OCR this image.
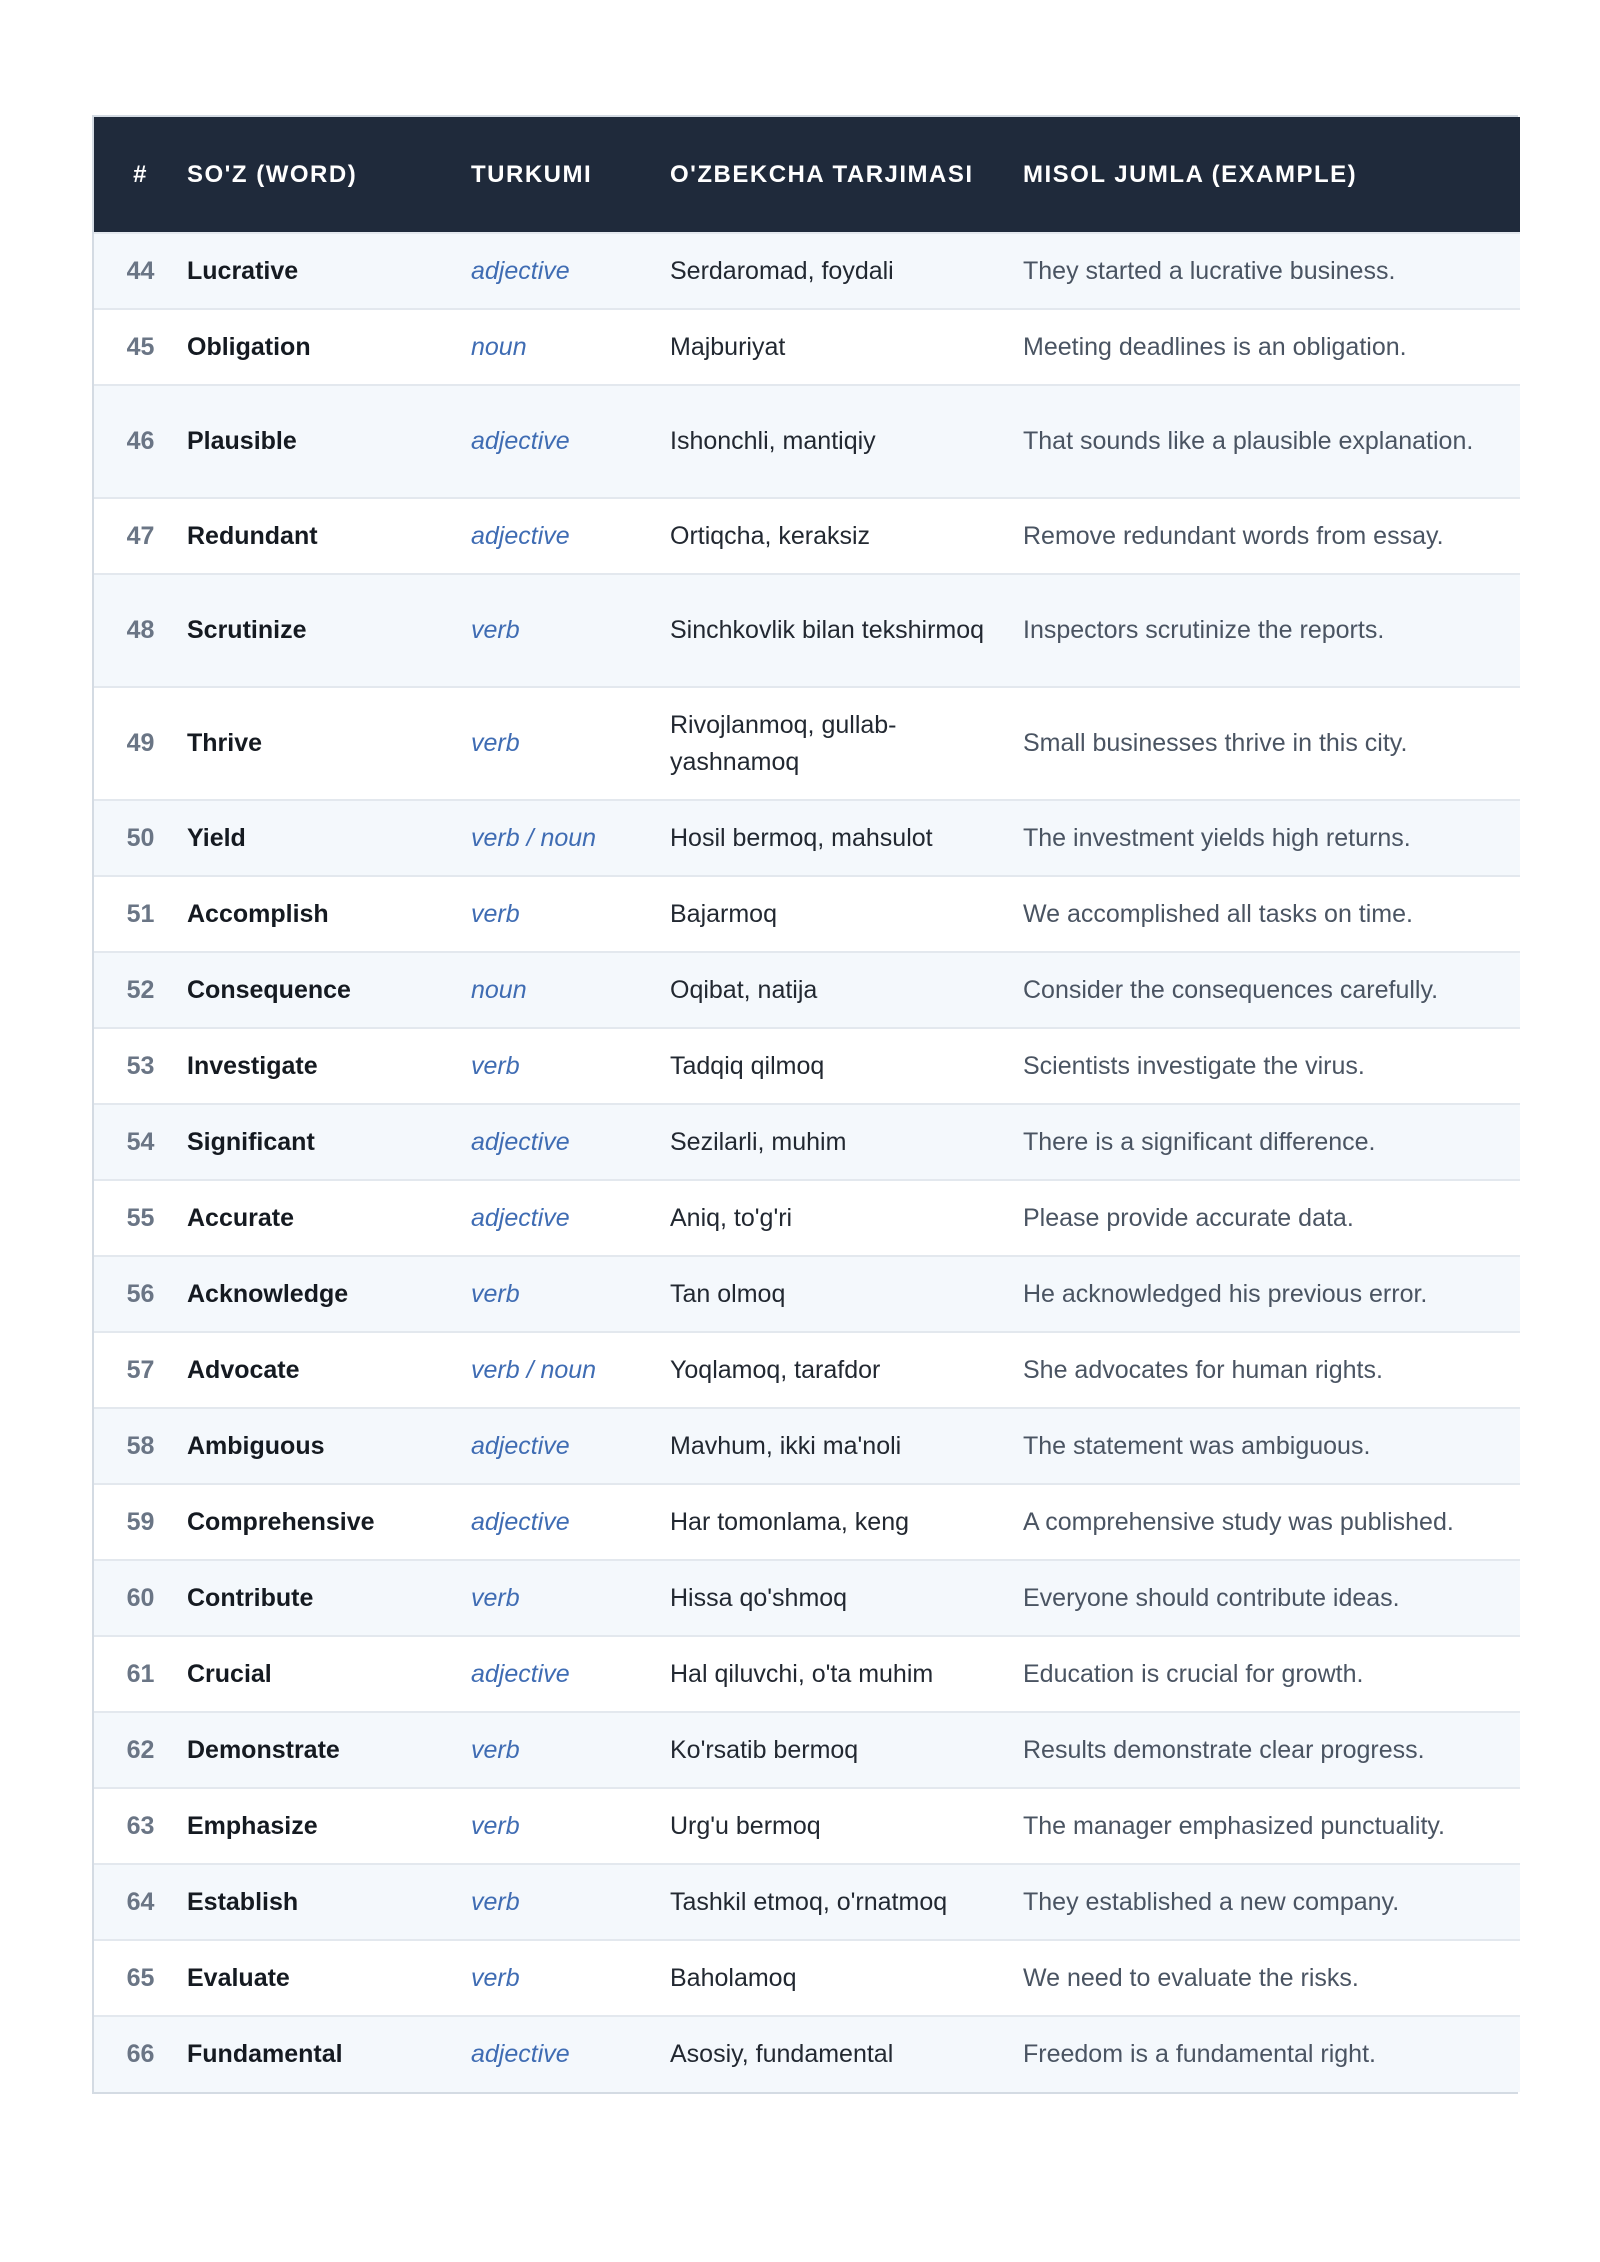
#	SO'Z (WORD)	TURKUMI	O'ZBEKCHA TARJIMASI	MISOL JUMLA (EXAMPLE)
44	Lucrative	adjective	Serdaromad, foydali	They started a lucrative business.
45	Obligation	noun	Majburiyat	Meeting deadlines is an obligation.
46	Plausible	adjective	Ishonchli, mantiqiy	That sounds like a plausible explanation.
47	Redundant	adjective	Ortiqcha, keraksiz	Remove redundant words from essay.
48	Scrutinize	verb	Sinchkovlik bilan tekshirmoq	Inspectors scrutinize the reports.
49	Thrive	verb	Rivojlanmoq, gullab-yashnamoq	Small businesses thrive in this city.
50	Yield	verb / noun	Hosil bermoq, mahsulot	The investment yields high returns.
51	Accomplish	verb	Bajarmoq	We accomplished all tasks on time.
52	Consequence	noun	Oqibat, natija	Consider the consequences carefully.
53	Investigate	verb	Tadqiq qilmoq	Scientists investigate the virus.
54	Significant	adjective	Sezilarli, muhim	There is a significant difference.
55	Accurate	adjective	Aniq, to'g'ri	Please provide accurate data.
56	Acknowledge	verb	Tan olmoq	He acknowledged his previous error.
57	Advocate	verb / noun	Yoqlamoq, tarafdor	She advocates for human rights.
58	Ambiguous	adjective	Mavhum, ikki ma'noli	The statement was ambiguous.
59	Comprehensive	adjective	Har tomonlama, keng	A comprehensive study was published.
60	Contribute	verb	Hissa qo'shmoq	Everyone should contribute ideas.
61	Crucial	adjective	Hal qiluvchi, o'ta muhim	Education is crucial for growth.
62	Demonstrate	verb	Ko'rsatib bermoq	Results demonstrate clear progress.
63	Emphasize	verb	Urg'u bermoq	The manager emphasized punctuality.
64	Establish	verb	Tashkil etmoq, o'rnatmoq	They established a new company.
65	Evaluate	verb	Baholamoq	We need to evaluate the risks.
66	Fundamental	adjective	Asosiy, fundamental	Freedom is a fundamental right.
